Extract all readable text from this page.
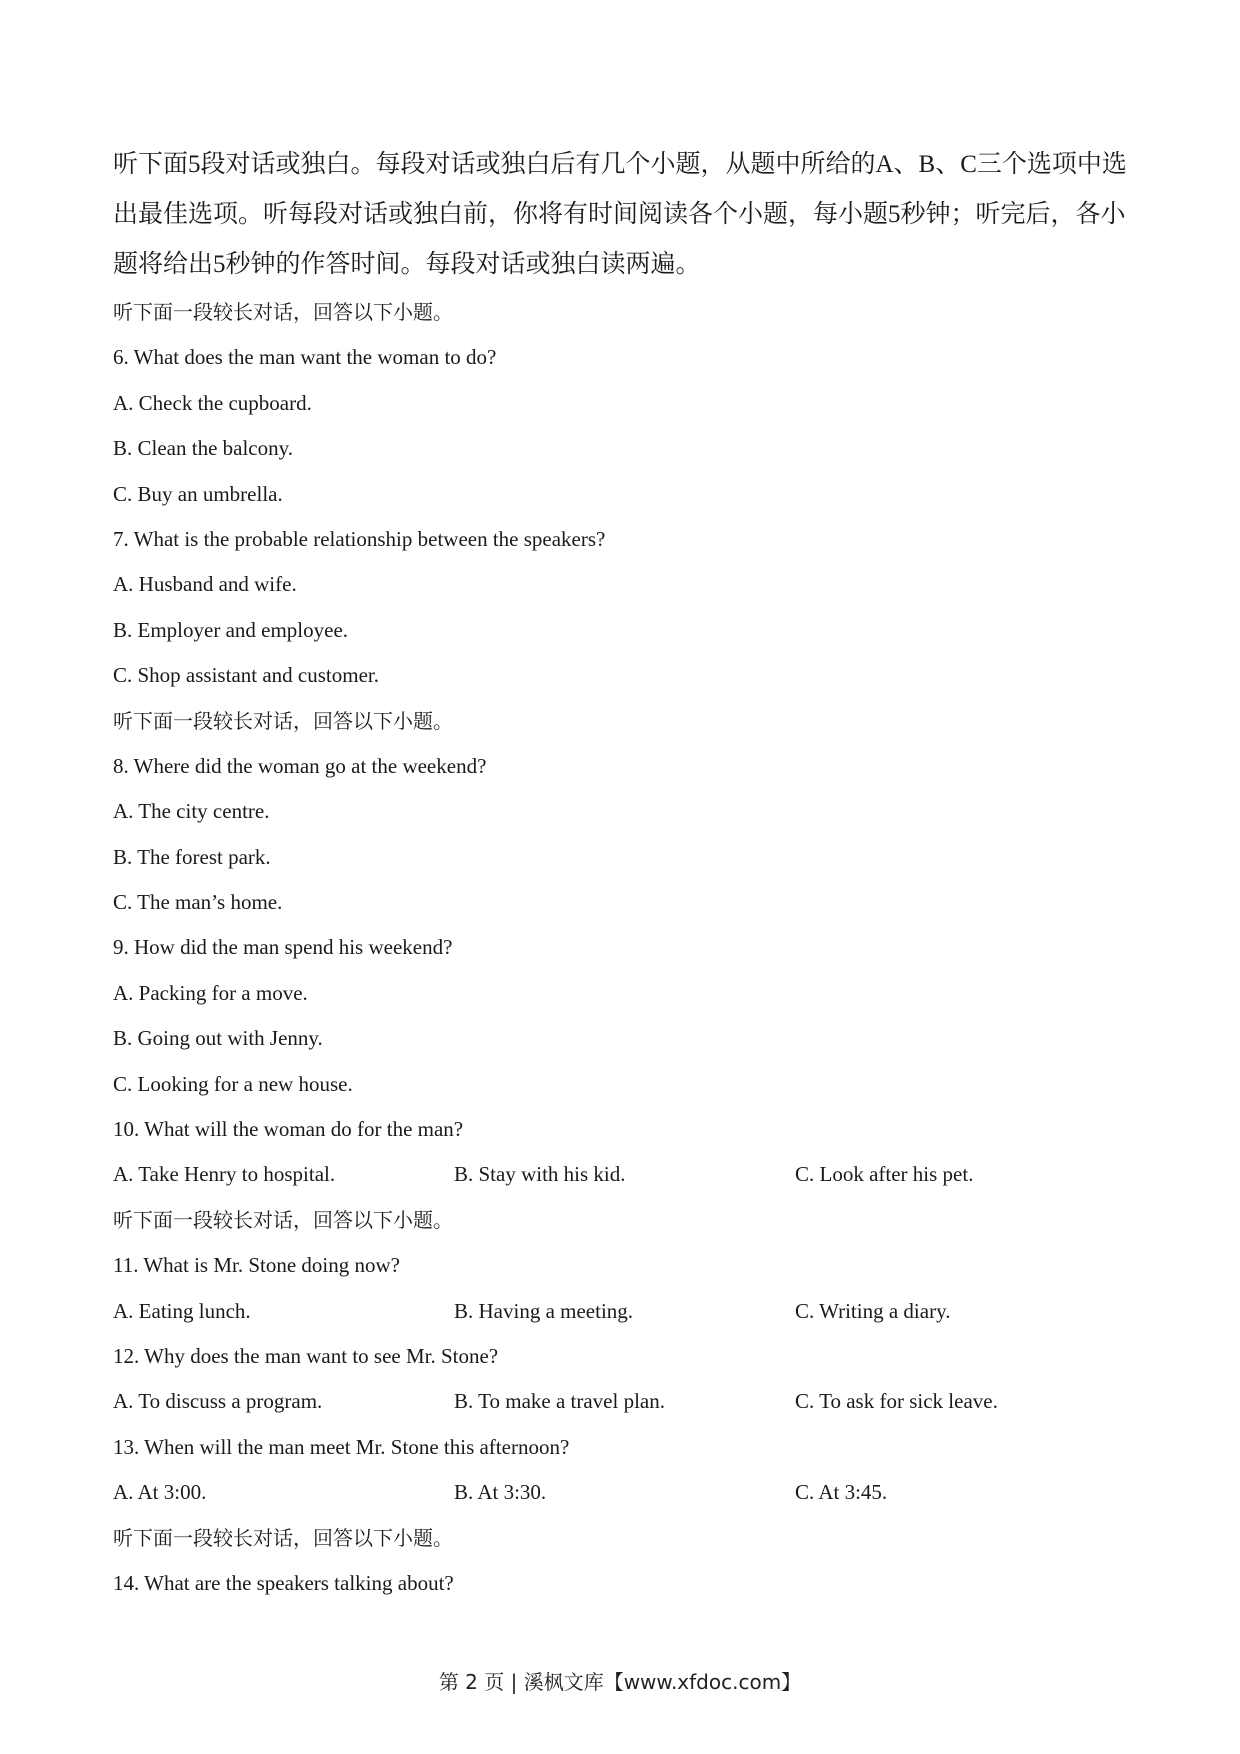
听下面5段对话或独白。每段对话或独白后有几个小题，从题中所给的A、B、C三个选项中选出最佳选项。听每段对话或独白前，你将有时间阅读各个小题，每小题5秒钟；听完后，各小题将给出5秒钟的作答时间。每段对话或独白读两遍。

听下面一段较长对话，回答以下小题。
6. What does the man want the woman to do?
A. Check the cupboard.
B. Clean the balcony.
C. Buy an umbrella.
7. What is the probable relationship between the speakers?
A. Husband and wife.
B. Employer and employee.
C. Shop assistant and customer.
听下面一段较长对话，回答以下小题。
8. Where did the woman go at the weekend?
A. The city centre.
B. The forest park.
C. The man’s home.
9. How did the man spend his weekend?
A. Packing for a move.
B. Going out with Jenny.
C. Looking for a new house.
10. What will the woman do for the man?
A. Take Henry to hospital.	B. Stay with his kid.	C. Look after his pet.
听下面一段较长对话，回答以下小题。
11. What is Mr. Stone doing now?
A. Eating lunch.	B. Having a meeting.	C. Writing a diary.
12. Why does the man want to see Mr. Stone?
A. To discuss a program.	B. To make a travel plan.	C. To ask for sick leave.
13. When will the man meet Mr. Stone this afternoon?
A. At 3:00.	B. At 3:30.	C. At 3:45.
听下面一段较长对话，回答以下小题。
14. What are the speakers talking about?
第 2 页 | 溪枫文库【www.xfdoc.com】
